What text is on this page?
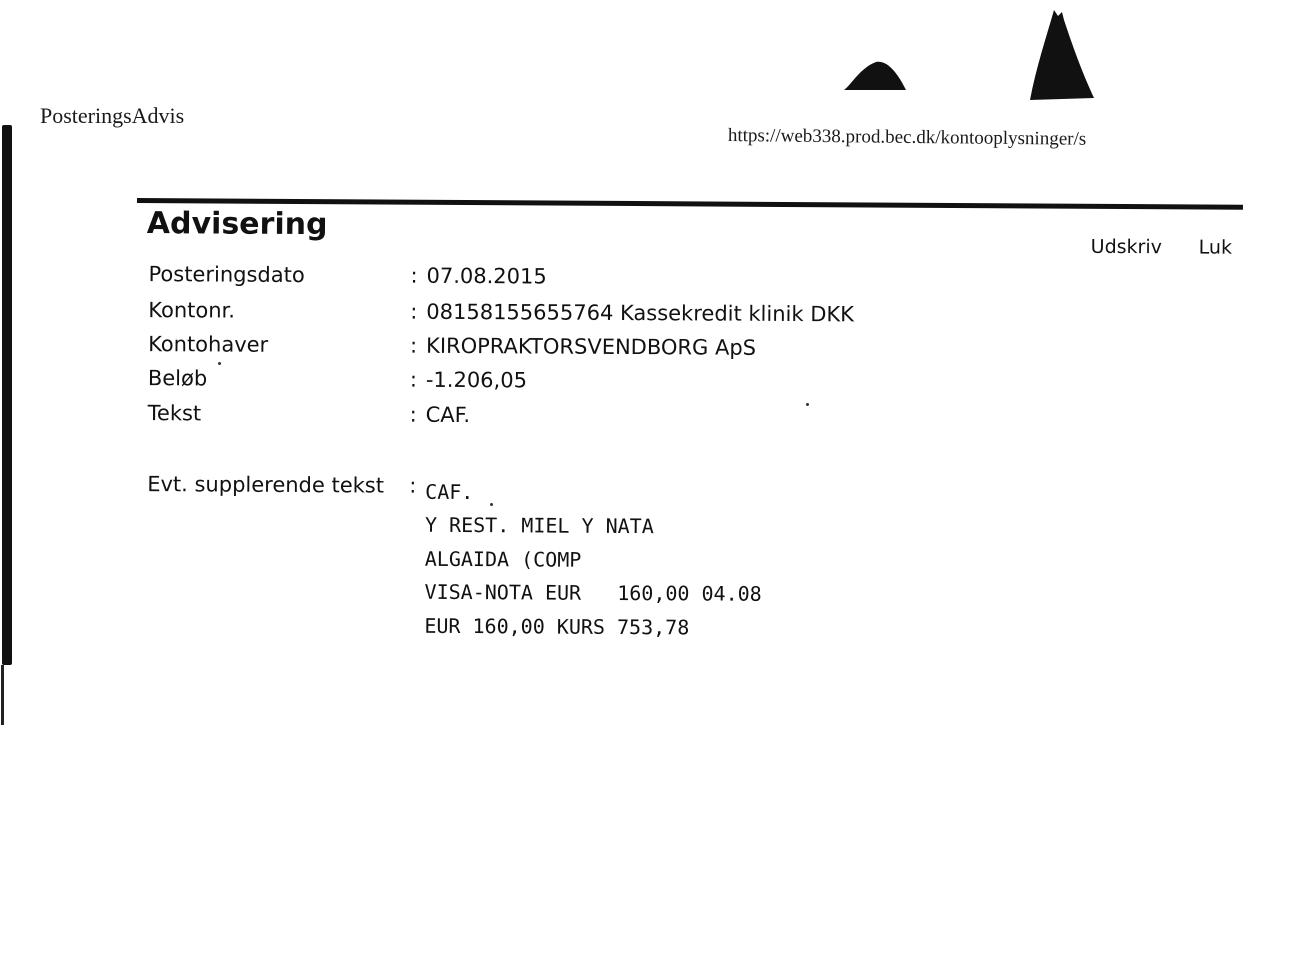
PosteringsAdvis
https://web338.prod.bec.dk/kontooplysninger/s
Advisering
Udskriv Luk
Posteringsdato	: 07.08.2015
Kontonr.	: 08158155655764 Kassekredit klinik DKK
Kontohaver	: KIROPRAKTORSVENDBORG ApS
Beløb	: -1.206,05
Tekst	: CAF.
Evt. supplerende tekst : CAF.
Y REST. MIEL Y NATA
ALGAIDA (COMP
VISA-NOTA EUR   160,00 04.08
EUR 160,00 KURS 753,78
